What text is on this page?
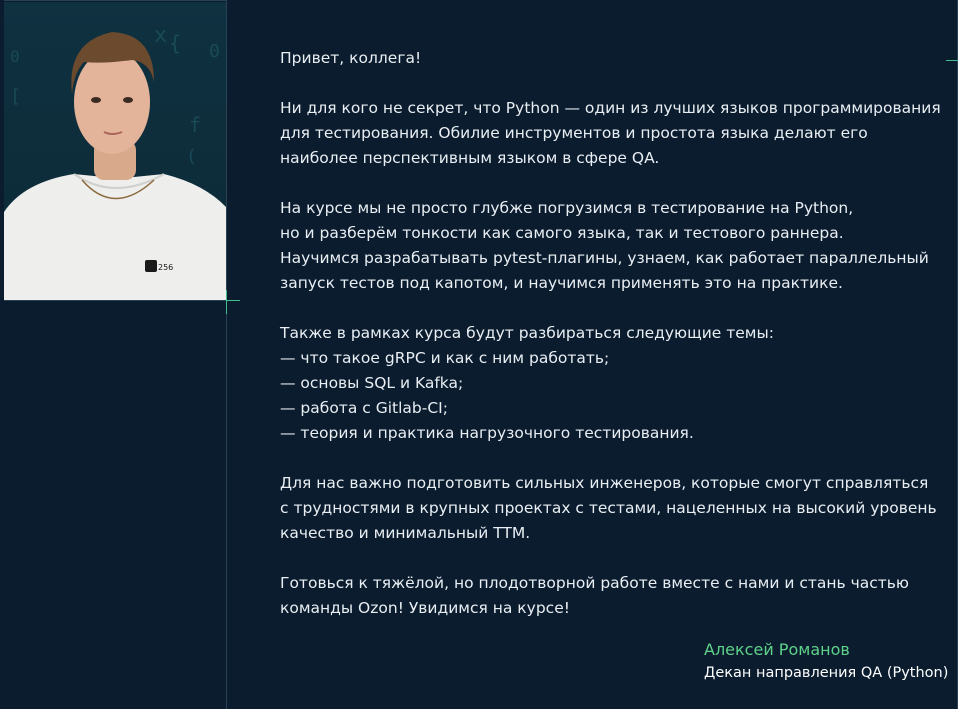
x { 0
[
f
(
0
256

Привет, коллега!

Ни для кого не секрет, что Python — один из лучших языков программирования
для тестирования. Обилие инструментов и простота языка делают его
наиболее перспективным языком в сфере QA.

На курсе мы не просто глубже погрузимся в тестирование на Python,
но и разберём тонкости как самого языка, так и тестового раннера.
Научимся разрабатывать pytest-плагины, узнаем, как работает параллельный
запуск тестов под капотом, и научимся применять это на практике.

Также в рамках курса будут разбираться следующие темы:
— что такое gRPC и как с ним работать;
— основы SQL и Kafka;
— работа с Gitlab-CI;
— теория и практика нагрузочного тестирования.

Для нас важно подготовить сильных инженеров, которые смогут справляться
с трудностями в крупных проектах с тестами, нацеленных на высокий уровень
качество и минимальный TTM.

Готовься к тяжёлой, но плодотворной работе вместе с нами и стань частью
команды Ozon! Увидимся на курсе!

Алексей Романов
Декан направления QA (Python)
